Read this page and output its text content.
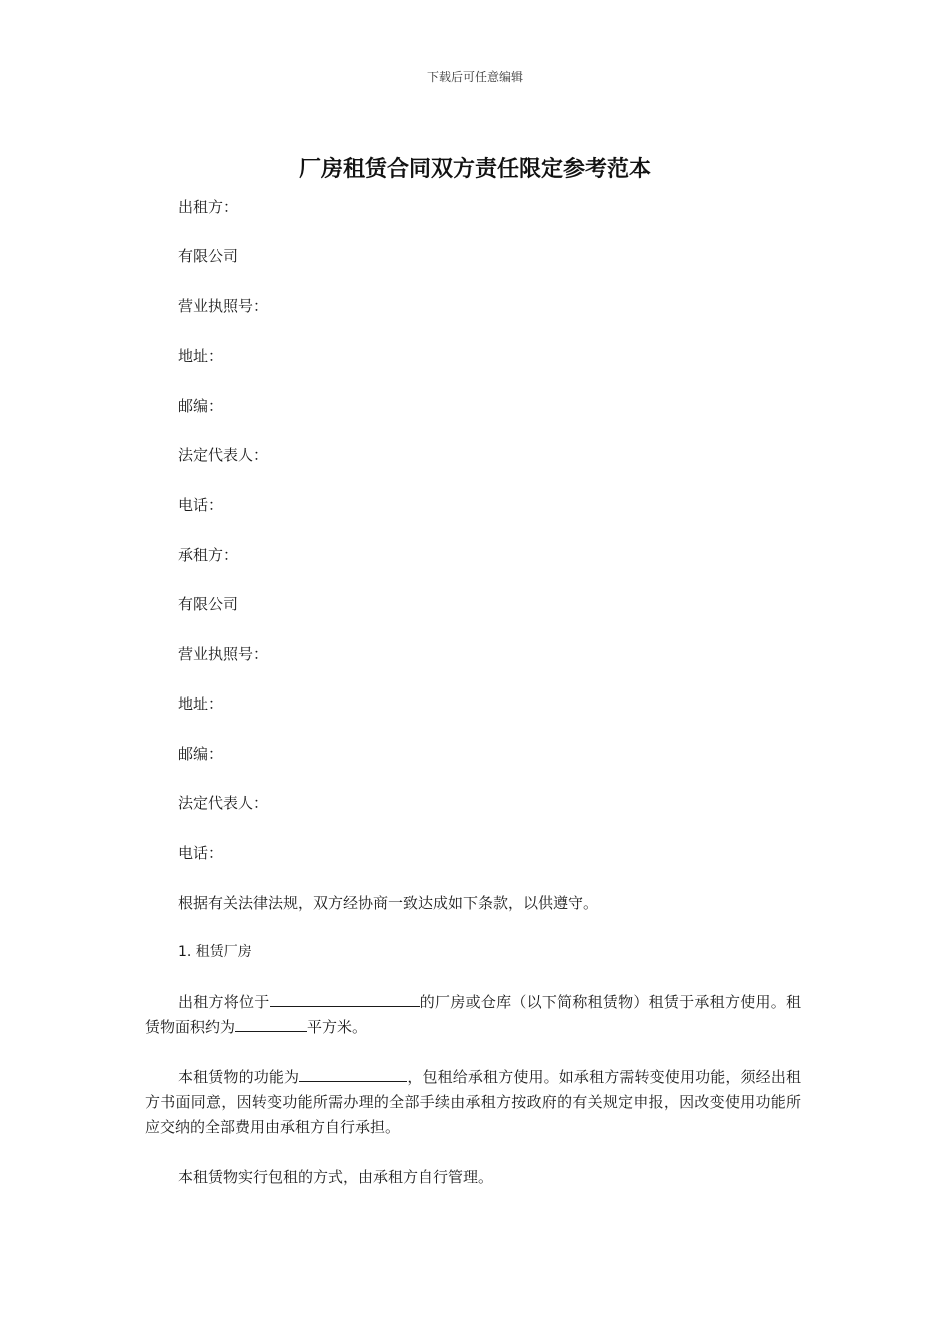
下载后可任意编辑
厂房租赁合同双方责任限定参考范本
出租方：
有限公司
营业执照号：
地址：
邮编：
法定代表人：
电话：
承租方：
有限公司
营业执照号：
地址：
邮编：
法定代表人：
电话：
根据有关法律法规，双方经协商一致达成如下条款，以供遵守。
1. 租赁厂房
出租方将位于	的厂房或仓库（以下简称租赁物）租赁于承租方使用。租赁物面积约为	平方米。
本租赁物的功能为	，包租给承租方使用。如承租方需转变使用功能，须经出租方书面同意，因转变功能所需办理的全部手续由承租方按政府的有关规定申报，因改变使用功能所应交纳的全部费用由承租方自行承担。
本租赁物实行包租的方式，由承租方自行管理。
